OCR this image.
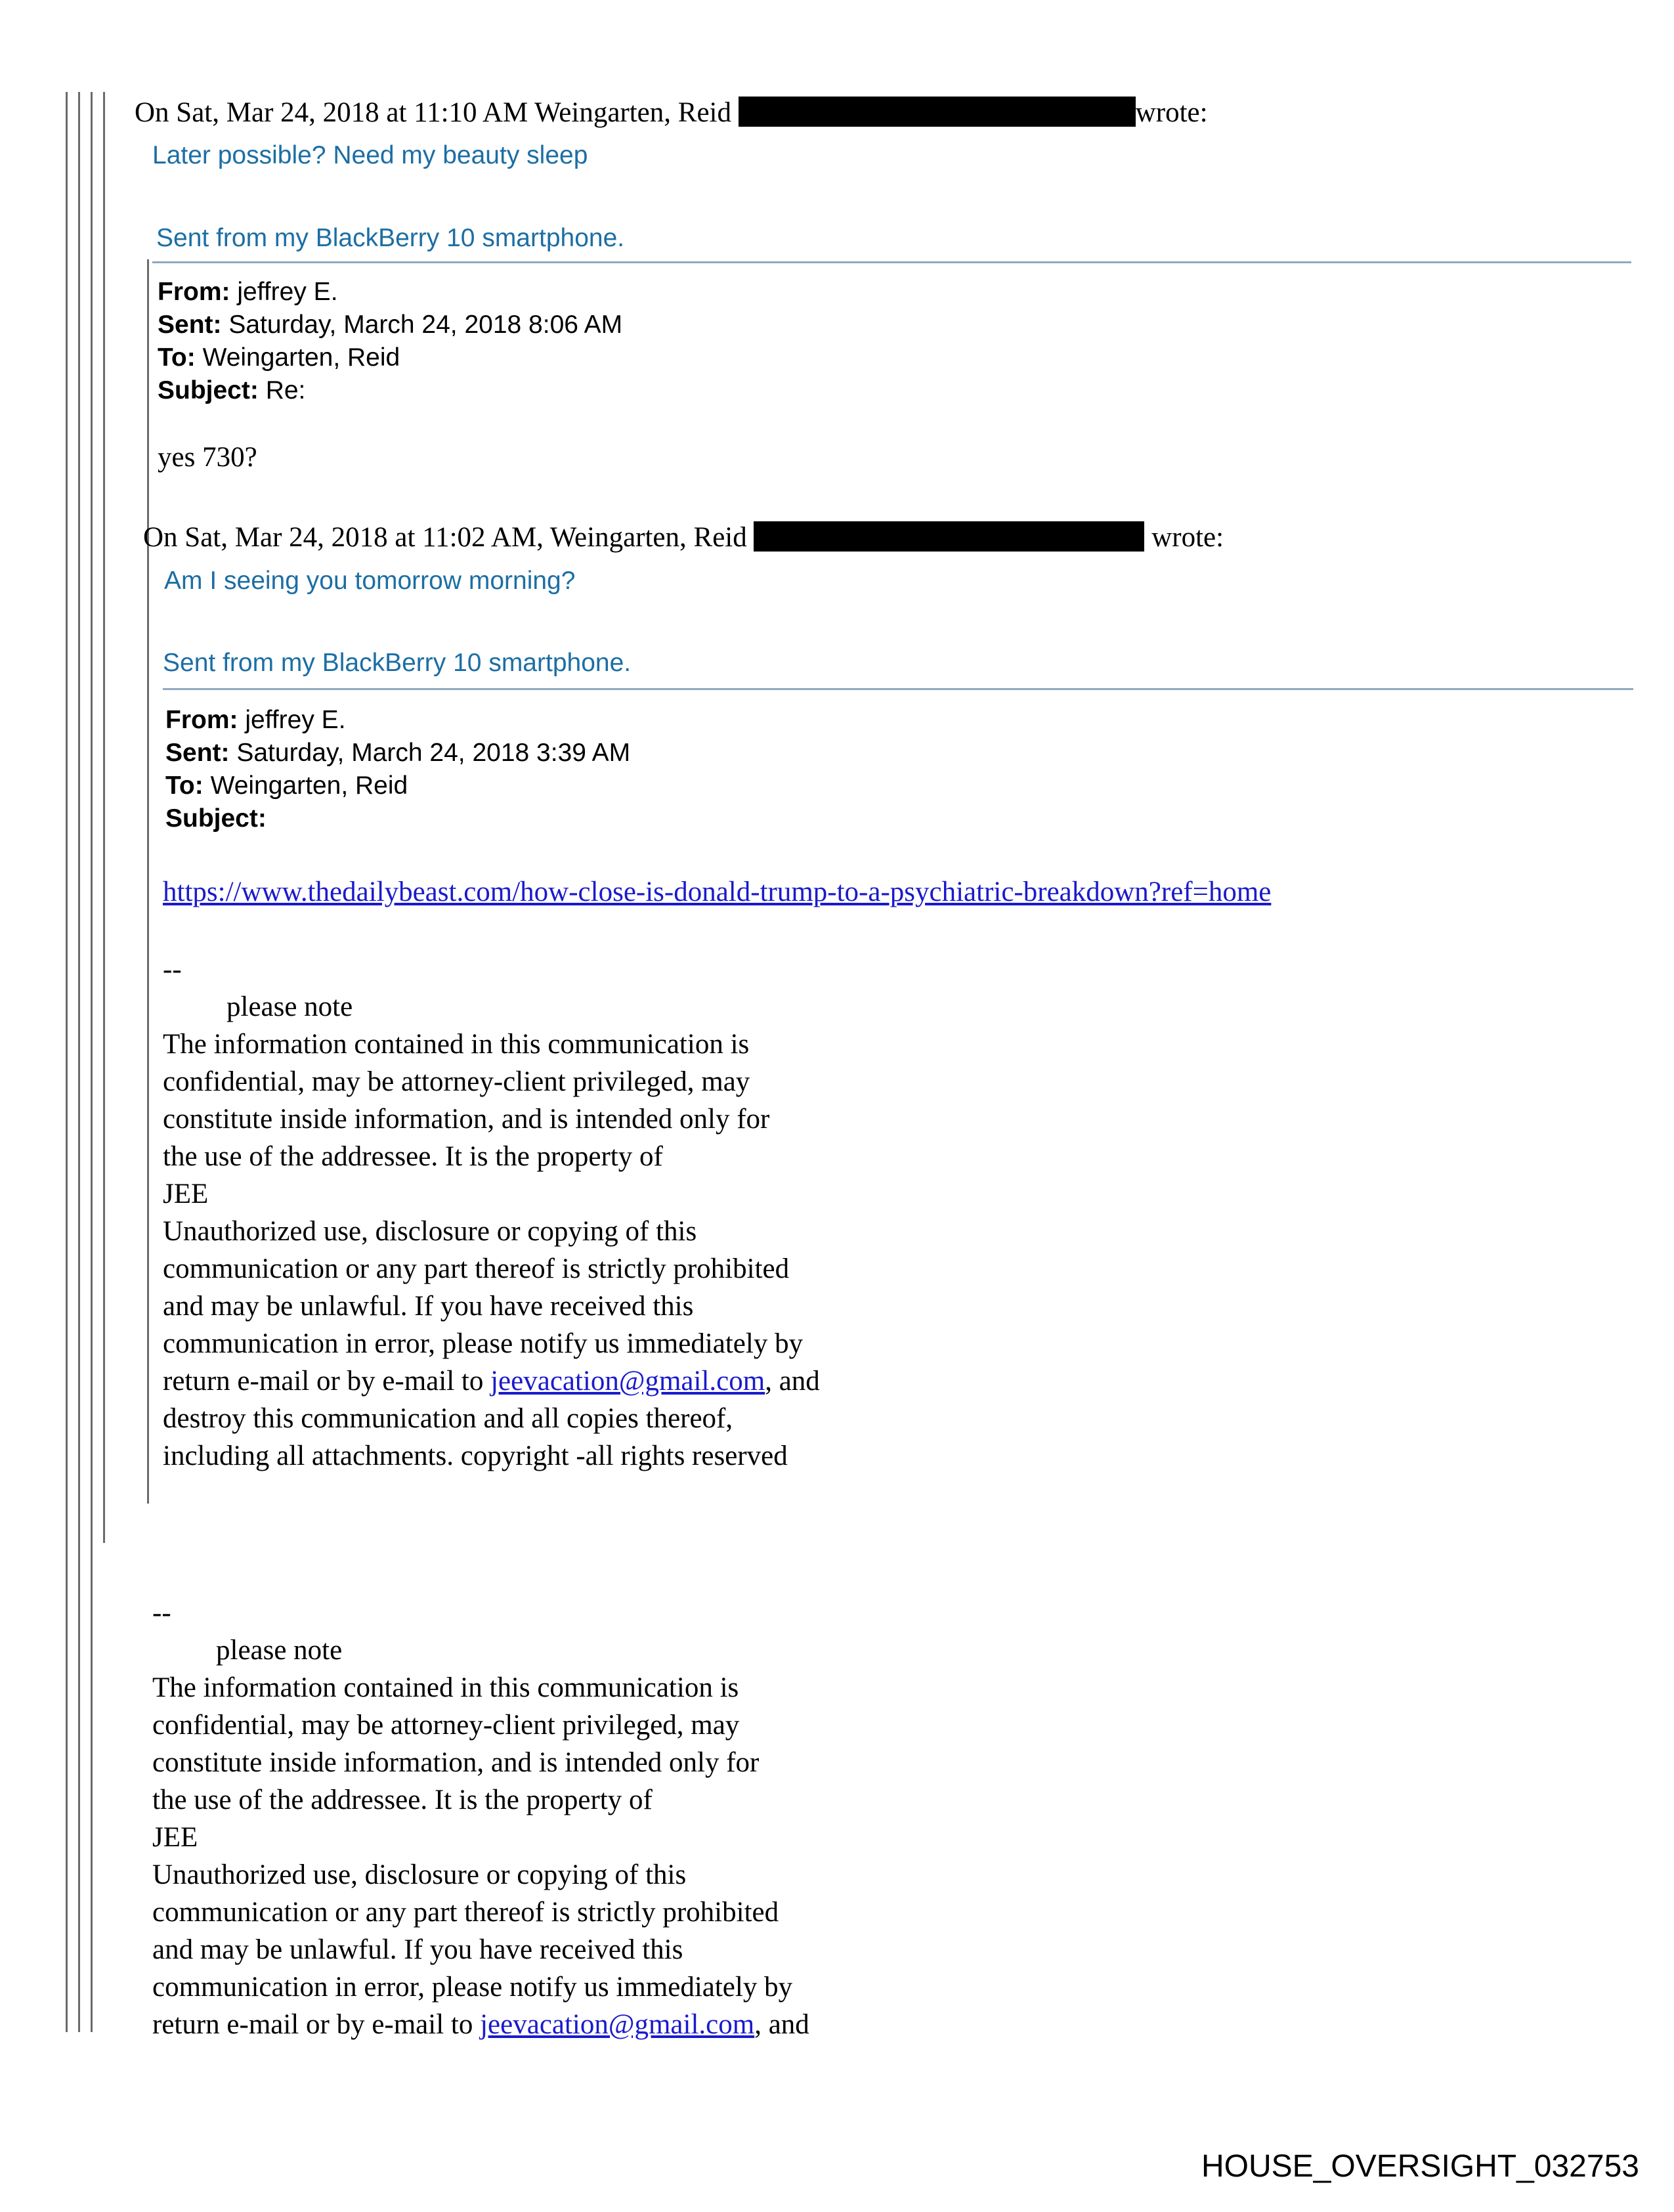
On Sat, Mar 24, 2018 at 11:10 AM Weingarten, Reid	wrote:
Later possible? Need my beauty sleep
Sent from my BlackBerry 10 smartphone.
From: jeffrey E.
Sent: Saturday, March 24, 2018 8:06 AM
To: Weingarten, Reid
Subject: Re:
yes 730?
On Sat, Mar 24, 2018 at 11:02 AM, Weingarten, Reid	wrote:
Am I seeing you tomorrow morning?
Sent from my BlackBerry 10 smartphone.
From: jeffrey E.
Sent: Saturday, March 24, 2018 3:39 AM
To: Weingarten, Reid
Subject:
https://www.thedailybeast.com/how-close-is-donald-trump-to-a-psychiatric-breakdown?ref=home
--
please note
The information contained in this communication is
confidential, may be attorney-client privileged, may
constitute inside information, and is intended only for
the use of the addressee. It is the property of
JEE
Unauthorized use, disclosure or copying of this
communication or any part thereof is strictly prohibited
and may be unlawful. If you have received this
communication in error, please notify us immediately by
return e-mail or by e-mail to jeevacation@gmail.com, and
destroy this communication and all copies thereof,
including all attachments. copyright -all rights reserved
--
please note
The information contained in this communication is
confidential, may be attorney-client privileged, may
constitute inside information, and is intended only for
the use of the addressee. It is the property of
JEE
Unauthorized use, disclosure or copying of this
communication or any part thereof is strictly prohibited
and may be unlawful. If you have received this
communication in error, please notify us immediately by
return e-mail or by e-mail to jeevacation@gmail.com, and
HOUSE_OVERSIGHT_032753
